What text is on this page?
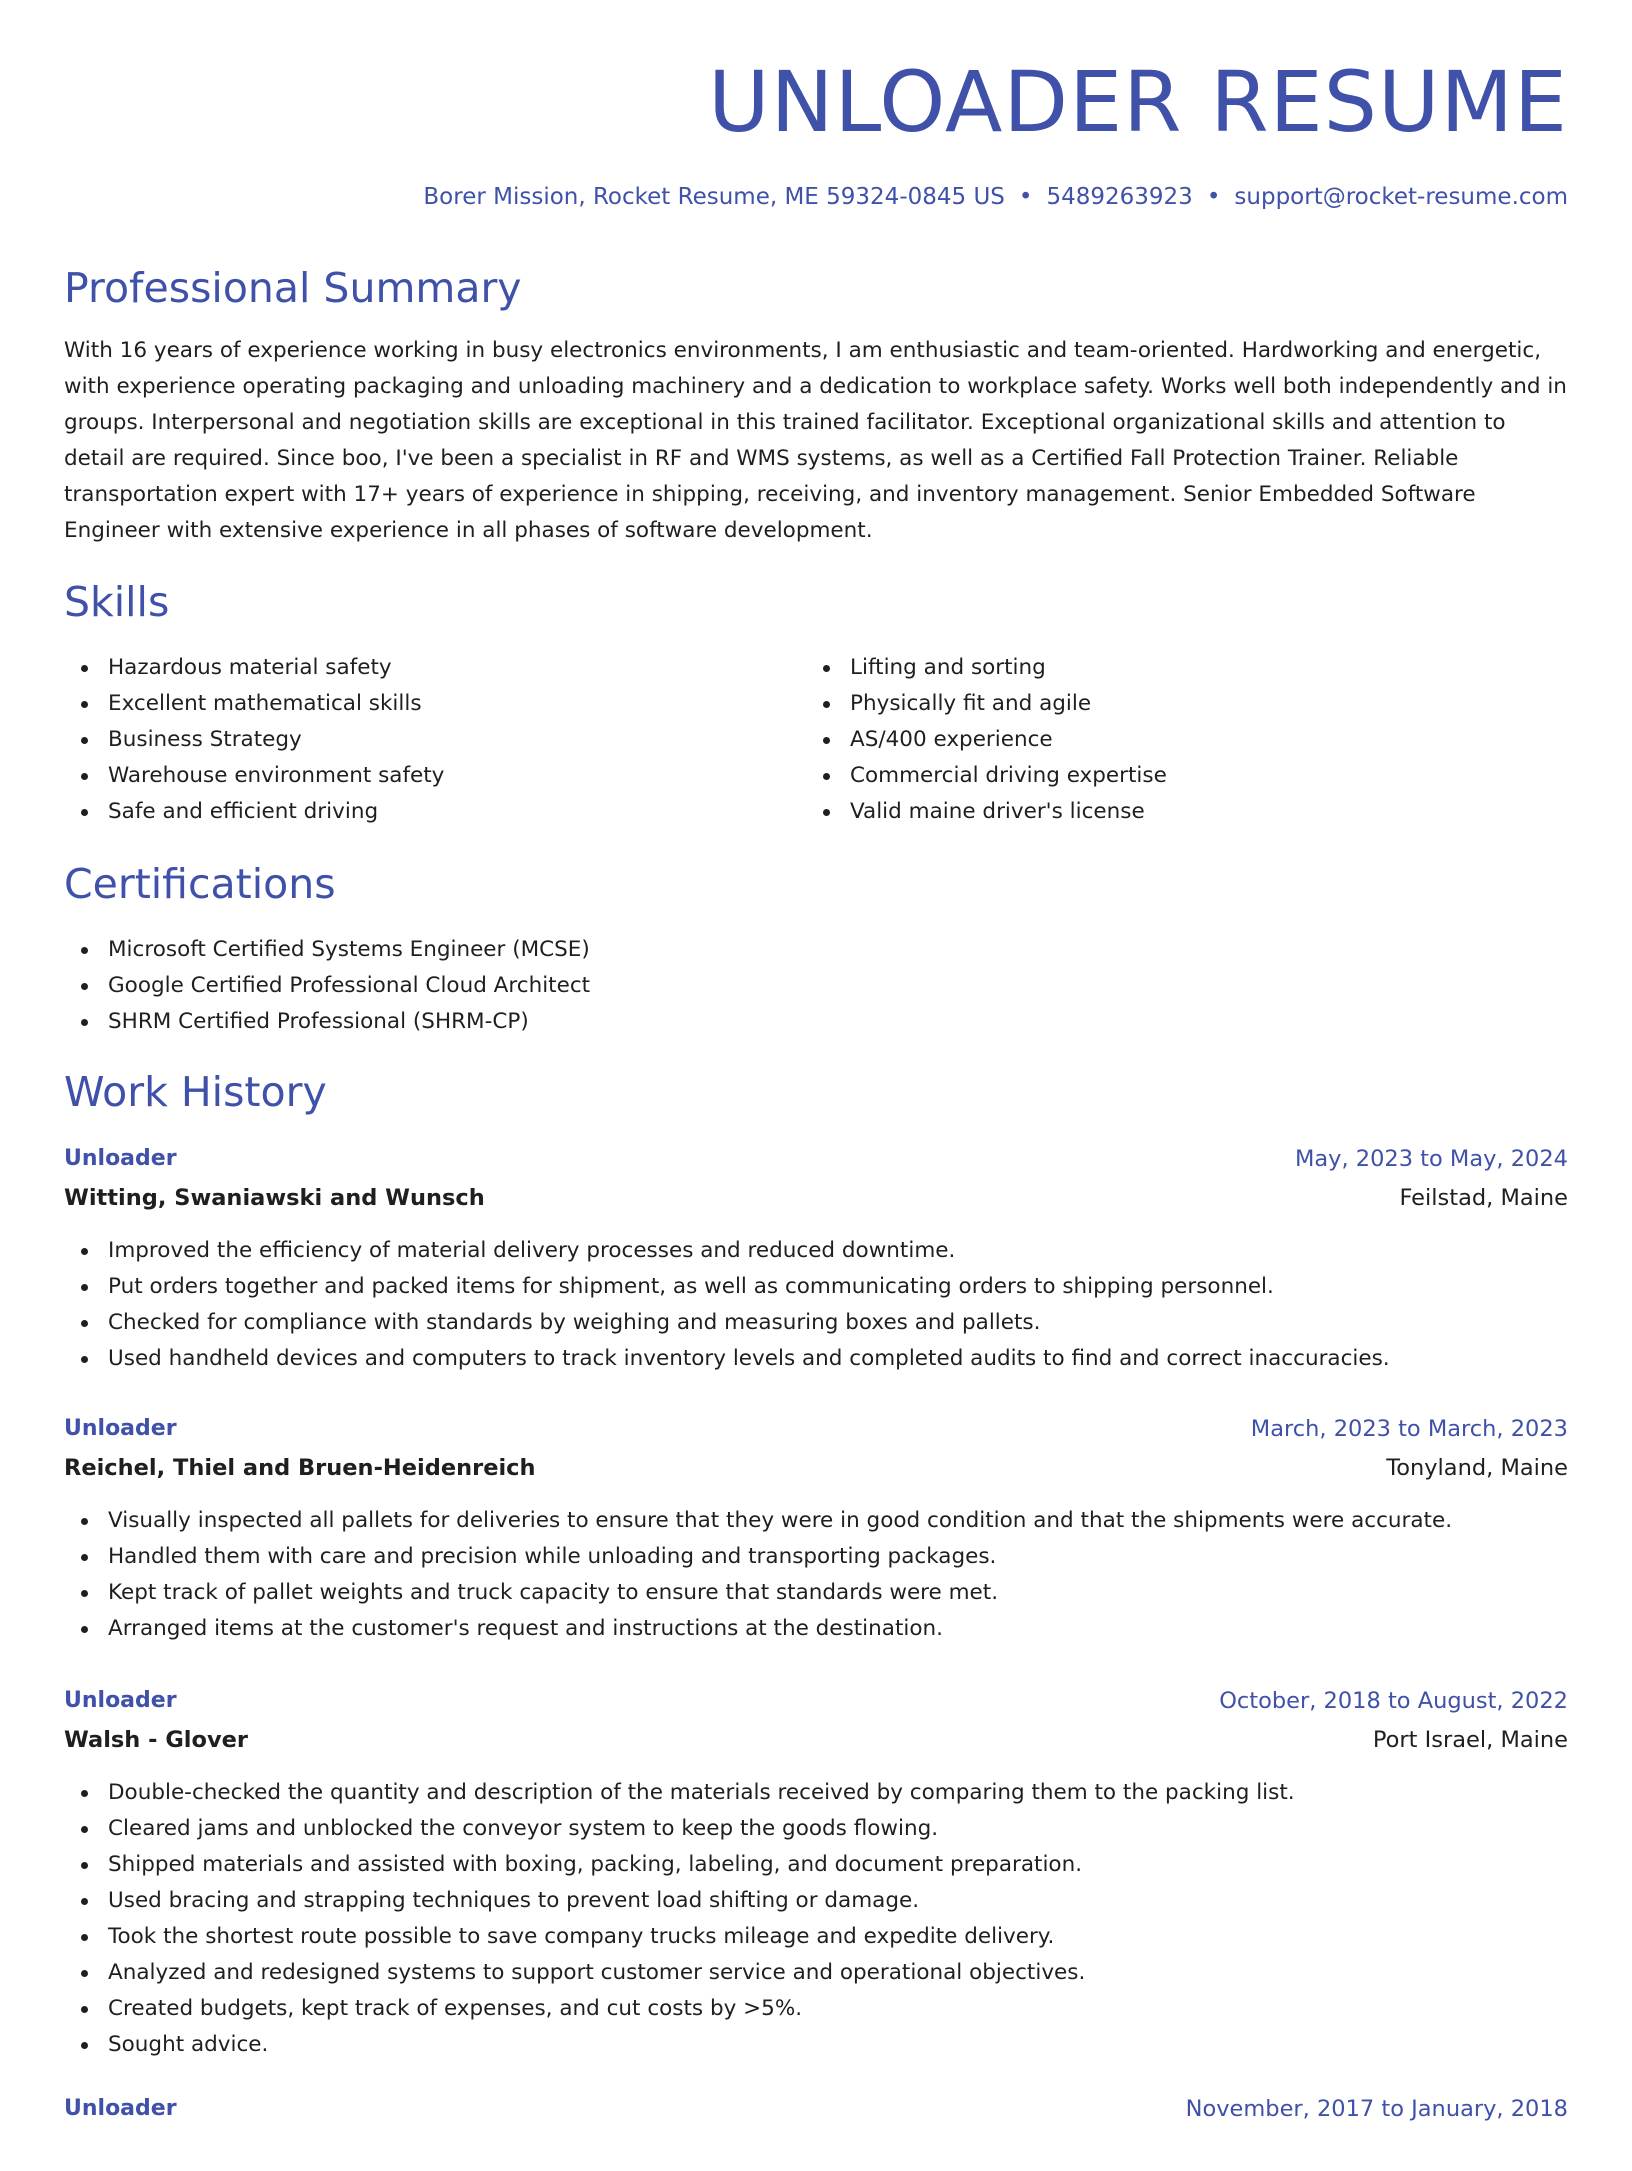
UNLOADER RESUME
Borer Mission, Rocket Resume, ME 59324-0845 US • 5489263923 • support@rocket-resume.com
Professional Summary

With 16 years of experience working in busy electronics environments, I am enthusiastic and team-oriented. Hardworking and energetic, with experience operating packaging and unloading machinery and a dedication to workplace safety. Works well both independently and in groups. Interpersonal and negotiation skills are exceptional in this trained facilitator. Exceptional organizational skills and attention to detail are required. Since boo, I've been a specialist in RF and WMS systems, as well as a Certified Fall Protection Trainer. Reliable transportation expert with 17+ years of experience in shipping, receiving, and inventory management. Senior Embedded Software Engineer with extensive experience in all phases of software development.

Skills
Hazardous material safety
Excellent mathematical skills
Business Strategy
Warehouse environment safety
Safe and efficient driving
Lifting and sorting
Physically fit and agile
AS/400 experience
Commercial driving expertise
Valid maine driver's license
Certifications
Microsoft Certified Systems Engineer (MCSE)
Google Certified Professional Cloud Architect
SHRM Certified Professional (SHRM-CP)
Work History
Unloader	May, 2023 to May, 2024
Witting, Swaniawski and Wunsch	Feilstad, Maine
Improved the efficiency of material delivery processes and reduced downtime.
Put orders together and packed items for shipment, as well as communicating orders to shipping personnel.
Checked for compliance with standards by weighing and measuring boxes and pallets.
Used handheld devices and computers to track inventory levels and completed audits to find and correct inaccuracies.
Unloader	March, 2023 to March, 2023
Reichel, Thiel and Bruen-Heidenreich	Tonyland, Maine
Visually inspected all pallets for deliveries to ensure that they were in good condition and that the shipments were accurate.
Handled them with care and precision while unloading and transporting packages.
Kept track of pallet weights and truck capacity to ensure that standards were met.
Arranged items at the customer's request and instructions at the destination.
Unloader	October, 2018 to August, 2022
Walsh - Glover	Port Israel, Maine
Double-checked the quantity and description of the materials received by comparing them to the packing list.
Cleared jams and unblocked the conveyor system to keep the goods flowing.
Shipped materials and assisted with boxing, packing, labeling, and document preparation.
Used bracing and strapping techniques to prevent load shifting or damage.
Took the shortest route possible to save company trucks mileage and expedite delivery.
Analyzed and redesigned systems to support customer service and operational objectives.
Created budgets, kept track of expenses, and cut costs by >5%.
Sought advice.
Unloader	November, 2017 to January, 2018
